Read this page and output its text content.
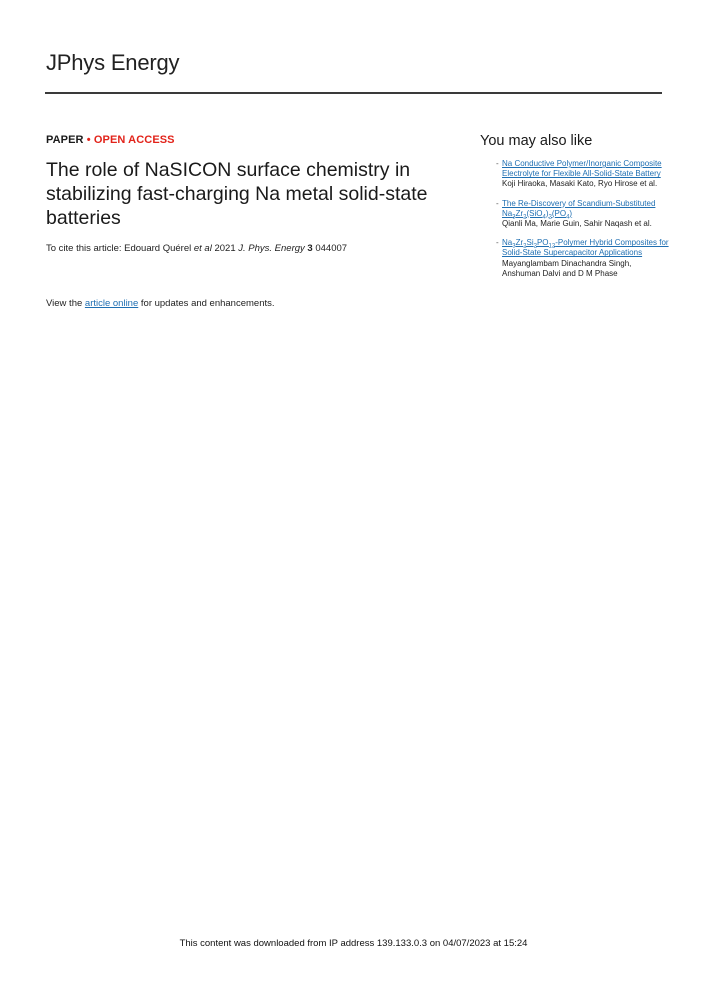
JPhys Energy
PAPER • OPEN ACCESS
The role of NaSICON surface chemistry in stabilizing fast-charging Na metal solid-state batteries
To cite this article: Edouard Quérel et al 2021 J. Phys. Energy 3 044007
View the article online for updates and enhancements.
You may also like
- Na Conductive Polymer/Inorganic Composite Electrolyte for Flexible All-Solid-State Battery
Koji Hiraoka, Masaki Kato, Ryo Hirose et al.
- The Re-Discovery of Scandium-Substituted $Na_3Zr_2(SiO_4)_2(PO_4)$
Qianli Ma, Marie Guin, Sahir Naqash et al.
- $Na_3Zr_2Si_2PO_{12}$-Polymer Hybrid Composites for Solid-State Supercapacitor Applications
Mayanglambam Dinachandra Singh, Anshuman Dalvi and D M Phase
This content was downloaded from IP address 139.133.0.3 on 04/07/2023 at 15:24
